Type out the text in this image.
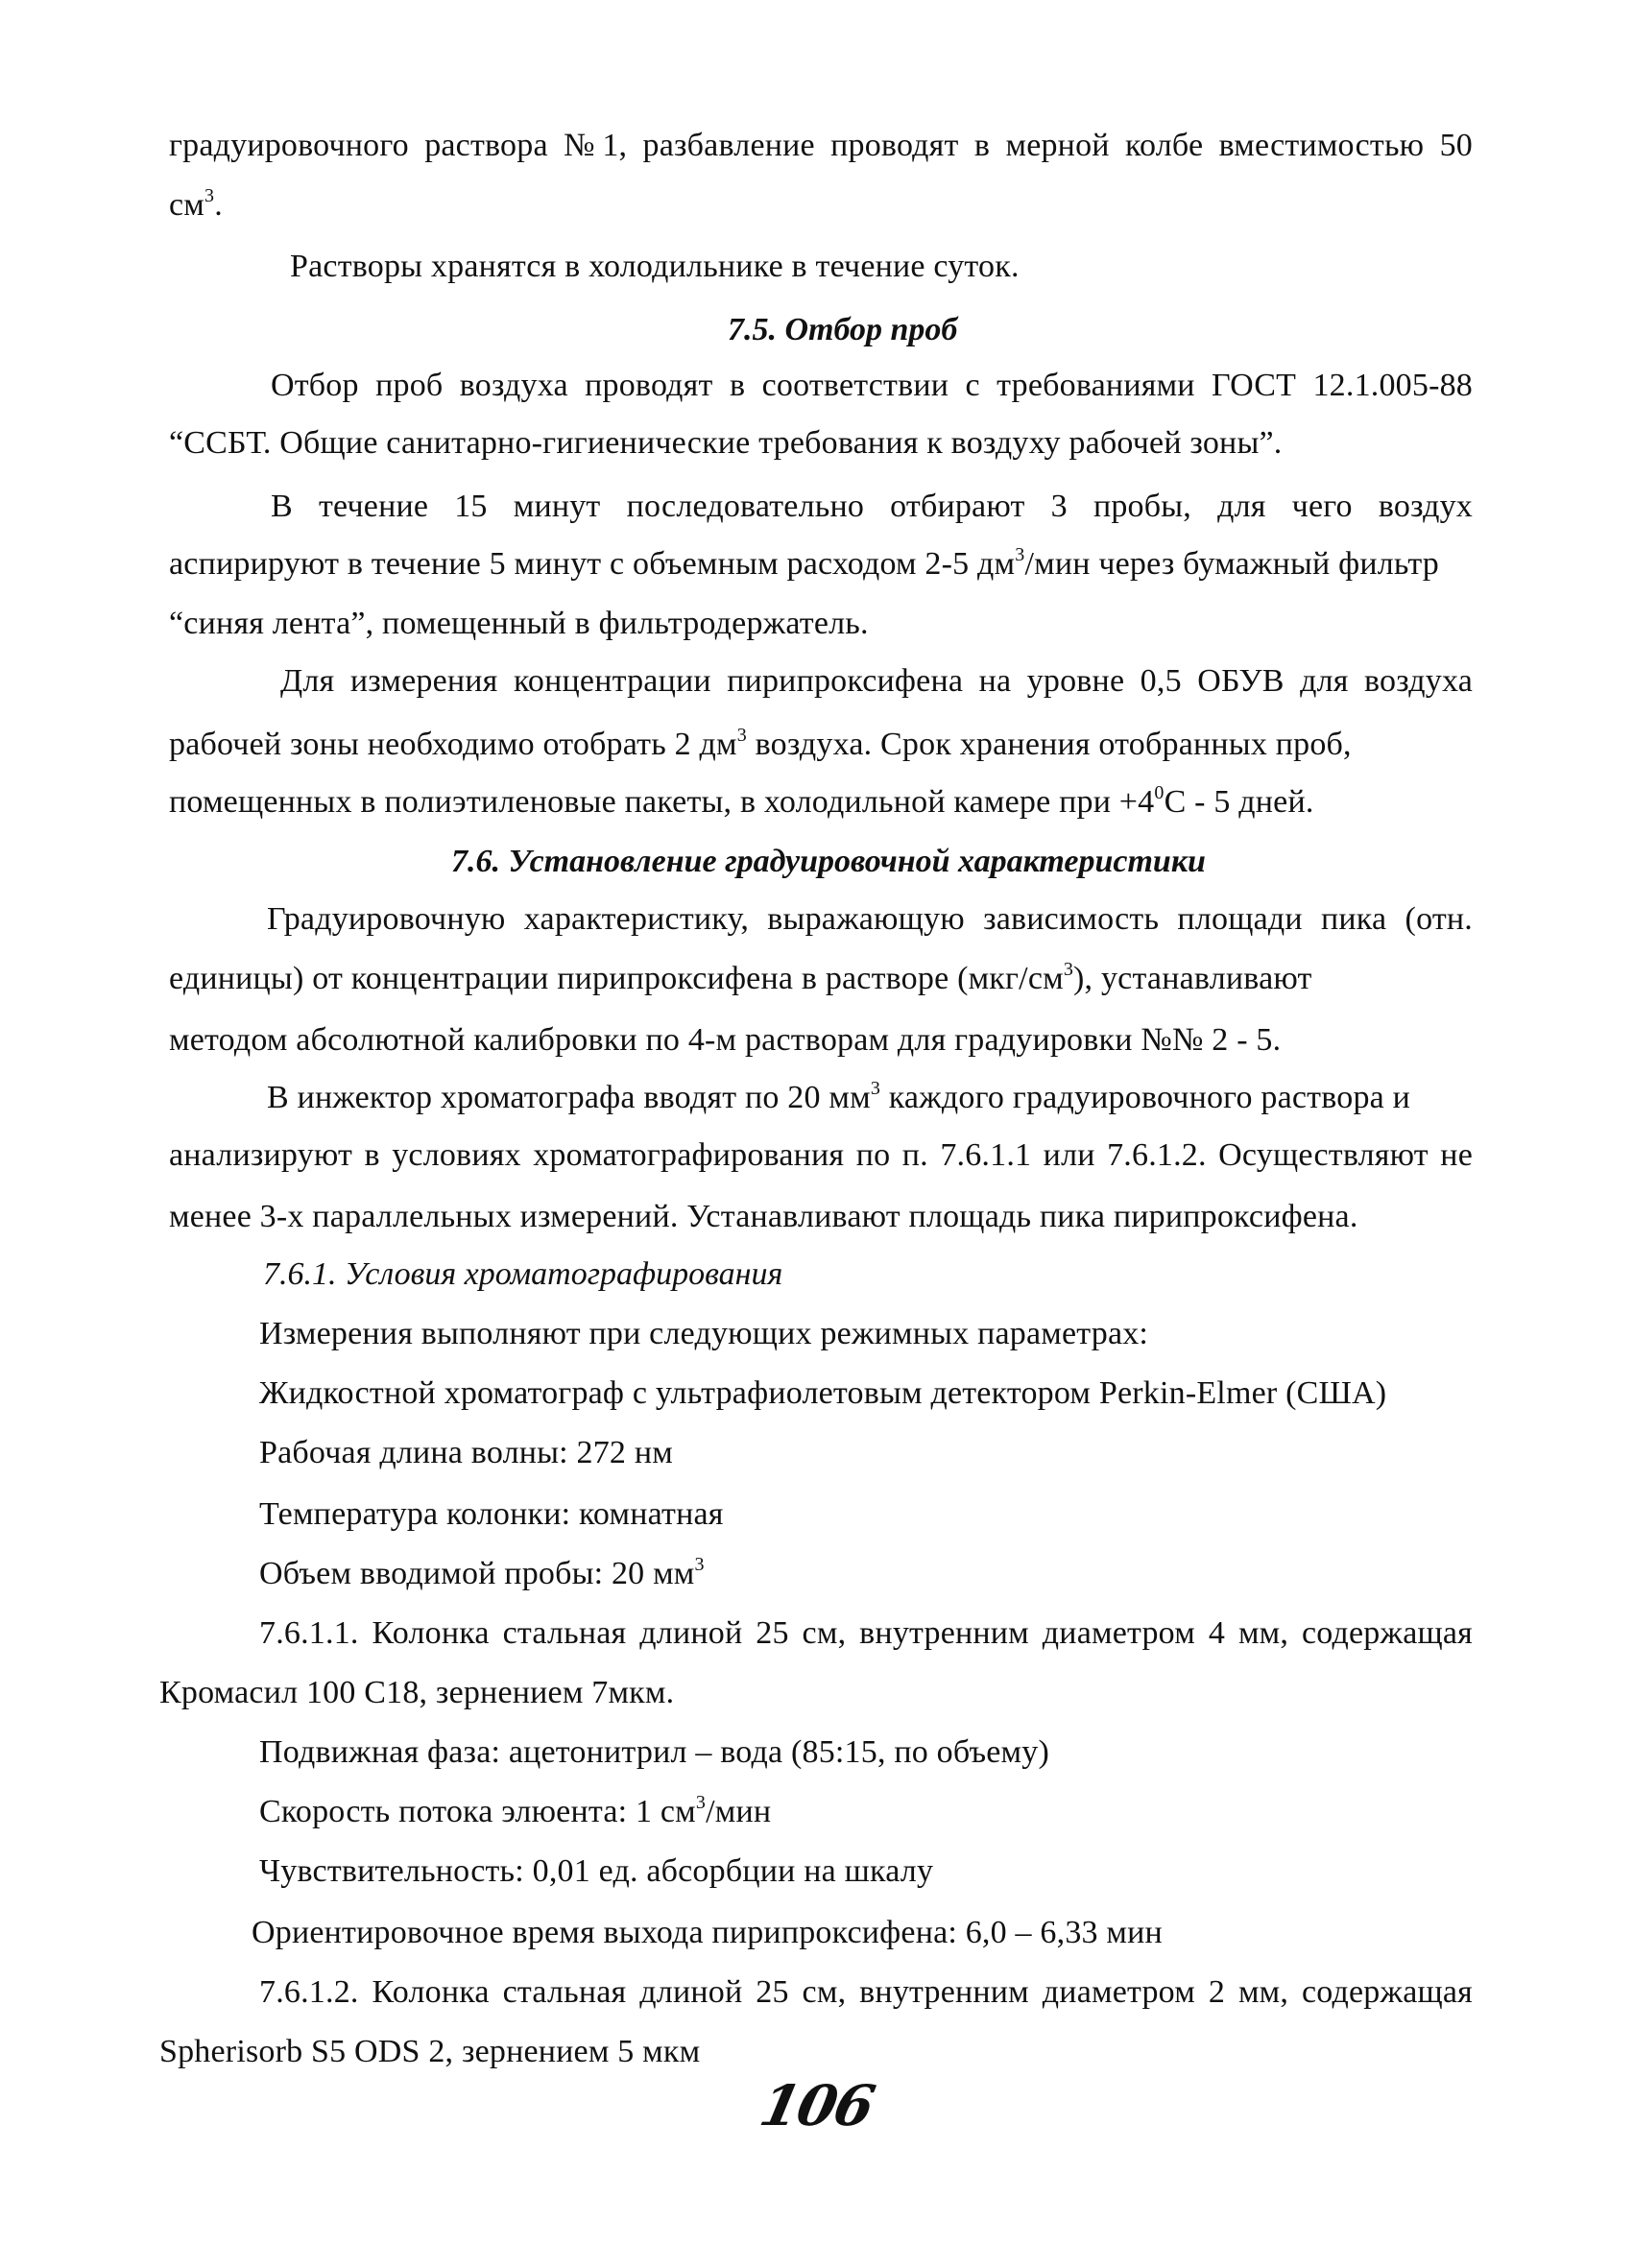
градуировочного раствора №1, разбавление проводят в мерной колбе вместимостью 50
$см^3$.
Растворы хранятся в холодильнике в течение суток.
7.5. Отбор проб
Отбор проб воздуха проводят в соответствии с требованиями ГОСТ 12.1.005-88
“ССБТ. Общие санитарно-гигиенические требования к воздуху рабочей зоны”.
В течение 15 минут последовательно отбирают 3 пробы, для чего воздух
аспирируют в течение 5 минут с объемным расходом 2-5 $дм^3$/мин через бумажный фильтр
“синяя лента”, помещенный в фильтродержатель.
Для измерения концентрации пирипроксифена на уровне 0,5 ОБУВ для воздуха
рабочей зоны необходимо отобрать 2 $дм^3$ воздуха. Срок хранения отобранных проб,
помещенных в полиэтиленовые пакеты, в холодильной камере при $+4^0С - 5$ дней.
7.6. Установление градуировочной характеристики
Градуировочную характеристику, выражающую зависимость площади пика (отн.
единицы) от концентрации пирипроксифена в растворе $(мкг/см^3)$, устанавливают
методом абсолютной калибровки по 4-м растворам для градуировки №№ 2 - 5.
В инжектор хроматографа вводят по 20 $мм^3$ каждого градуировочного раствора и
анализируют в условиях хроматографирования по п. 7.6.1.1 или 7.6.1.2. Осуществляют не
менее 3-х параллельных измерений. Устанавливают площадь пика пирипроксифена.
7.6.1. Условия хроматографирования
Измерения выполняют при следующих режимных параметрах:
Жидкостной хроматограф с ультрафиолетовым детектором Perkin-Elmer (США)
Рабочая длина волны: 272 нм
Температура колонки: комнатная
Объем вводимой пробы: 20 $мм^3$
7.6.1.1. Колонка стальная длиной 25 см, внутренним диаметром 4 мм, содержащая
Кромасил 100 С18, зернением 7мкм.
Подвижная фаза: ацетонитрил – вода (85:15, по объему)
Скорость потока элюента: 1 $см^3$/мин
Чувствительность: 0,01 ед. абсорбции на шкалу
Ориентировочное время выхода пирипроксифена: 6,0 – 6,33 мин
7.6.1.2. Колонка стальная длиной 25 см, внутренним диаметром 2 мм, содержащая
Spherisorb S5 ODS 2, зернением 5 мкм
106
